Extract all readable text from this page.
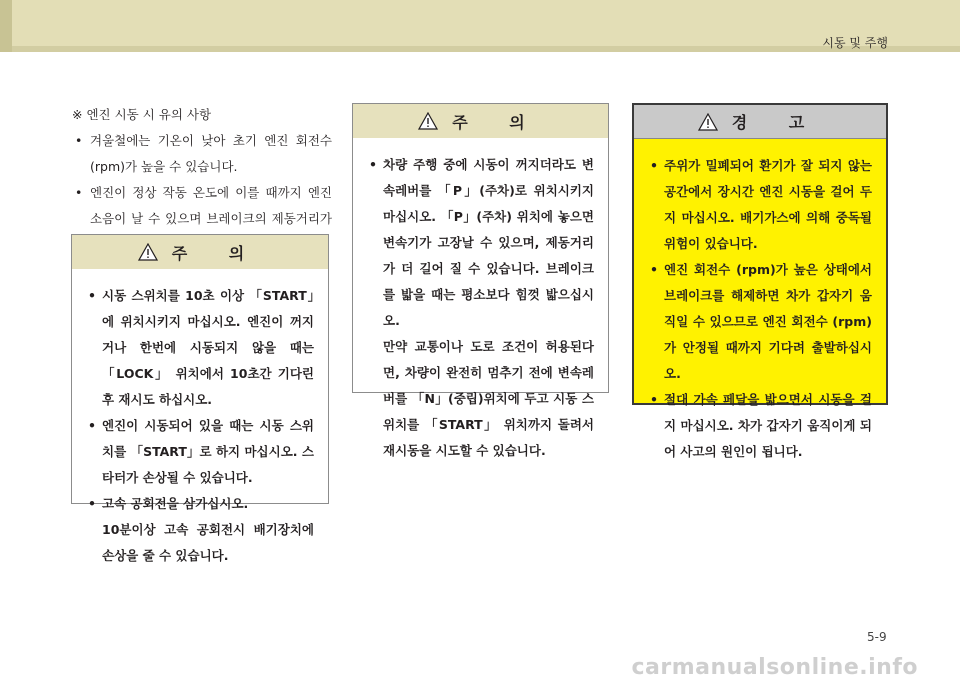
시동 및 주행
※ 엔진 시동 시 유의 사항
• 겨울철에는 기온이 낮아 초기 엔진 회전수 (rpm)가 높을 수 있습니다.
• 엔진이 정상 작동 온도에 이를 때까지 엔진 소음이 날 수 있으며 브레이크의 제동거리가
주 의
• 시동 스위치를 10초 이상 「START」에 위치시키지 마십시오. 엔진이 꺼지거나 한번에 시동되지 않을 때는 「LOCK」 위치에서 10초간 기다린 후 재시도 하십시오.
• 엔진이 시동되어 있을 때는 시동 스위치를 「START」로 하지 마십시오. 스타터가 손상될 수 있습니다.
• 고속 공회전을 삼가십시오.
10분이상 고속 공회전시 배기장치에 손상을 줄 수 있습니다.
주 의
• 차량 주행 중에 시동이 꺼지더라도 변속레버를 「P」(주차)로 위치시키지 마십시오. 「P」(주차) 위치에 놓으면 변속기가 고장날 수 있으며, 제동거리가 더 길어 질 수 있습니다. 브레이크를 밟을 때는 평소보다 힘껏 밟으십시오.
만약 교통이나 도로 조건이 허용된다면, 차량이 완전히 멈추기 전에 변속레버를 「N」(중립)위치에 두고 시동 스위치를 「START」 위치까지 돌려서 재시동을 시도할 수 있습니다.
경 고
• 주위가 밀폐되어 환기가 잘 되지 않는 공간에서 장시간 엔진 시동을 걸어 두지 마십시오. 배기가스에 의해 중독될 위험이 있습니다.
• 엔진 회전수 (rpm)가 높은 상태에서 브레이크를 해제하면 차가 갑자기 움직일 수 있으므로 엔진 회전수 (rpm)가 안정될 때까지 기다려 출발하십시오.
• 절대 가속 페달을 밟으면서 시동을 걸지 마십시오. 차가 갑자기 움직이게 되어 사고의 원인이 됩니다.
5-9
carmanualsonline.info
